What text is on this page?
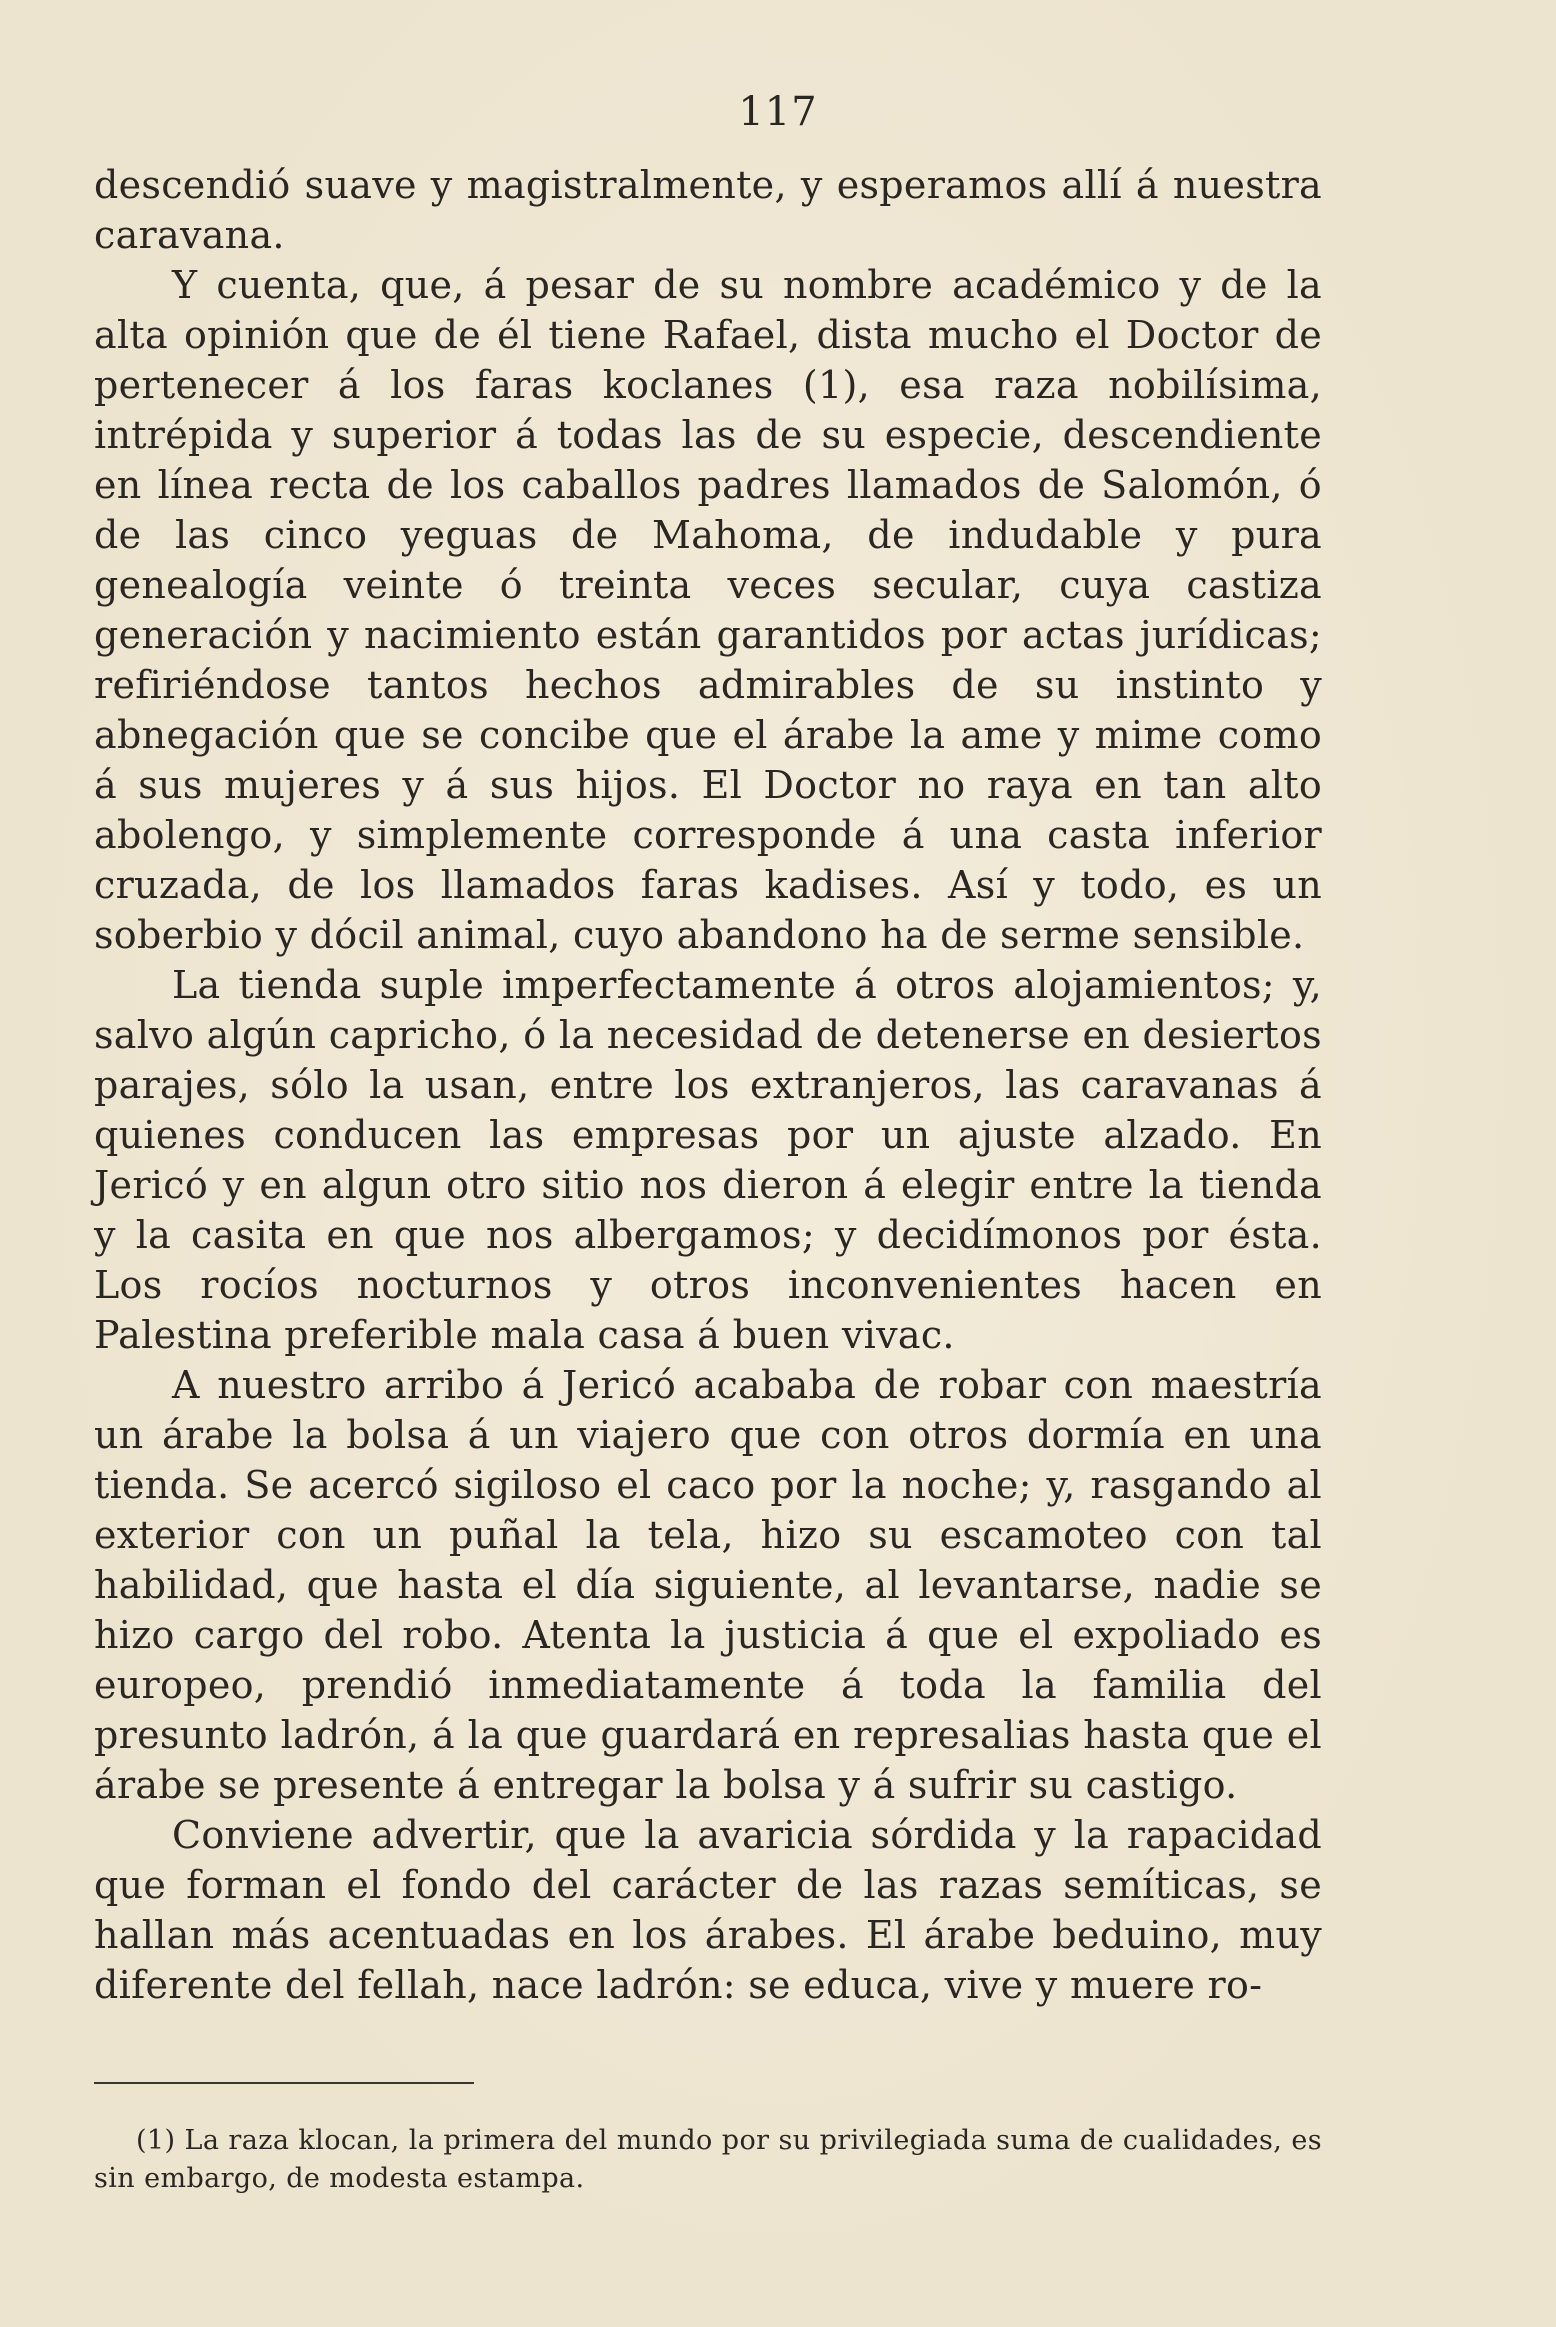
117

descendió suave y magistralmente, y esperamos allí á nuestra caravana.

Y cuenta, que, á pesar de su nombre académico y de la alta opinión que de él tiene Rafael, dista mucho el Doctor de pertenecer á los faras koclanes (1), esa raza nobilísima, intrépida y superior á todas las de su especie, descendiente en línea recta de los caballos padres llamados de Salomón, ó de las cinco yeguas de Mahoma, de indudable y pura genealogía veinte ó treinta veces secular, cuya castiza generación y nacimiento están garantidos por actas jurídicas; refiriéndose tantos hechos admirables de su instinto y abnegación que se concibe que el árabe la ame y mime como á sus mujeres y á sus hijos. El Doctor no raya en tan alto abolengo, y simplemente corresponde á una casta inferior cruzada, de los llamados faras kadises. Así y todo, es un soberbio y dócil animal, cuyo abandono ha de serme sensible.

La tienda suple imperfectamente á otros alojamientos; y, salvo algún capricho, ó la necesidad de detenerse en desiertos parajes, sólo la usan, entre los extranjeros, las caravanas á quienes conducen las empresas por un ajuste alzado. En Jericó y en algun otro sitio nos dieron á elegir entre la tienda y la casita en que nos albergamos; y decidímonos por ésta. Los rocíos nocturnos y otros inconvenientes hacen en Palestina preferible mala casa á buen vivac.

A nuestro arribo á Jericó acababa de robar con maestría un árabe la bolsa á un viajero que con otros dormía en una tienda. Se acercó sigiloso el caco por la noche; y, rasgando al exterior con un puñal la tela, hizo su escamoteo con tal habilidad, que hasta el día siguiente, al levantarse, nadie se hizo cargo del robo. Atenta la justicia á que el expoliado es europeo, prendió inmediatamente á toda la familia del presunto ladrón, á la que guardará en represalias hasta que el árabe se presente á entregar la bolsa y á sufrir su castigo.

Conviene advertir, que la avaricia sórdida y la rapacidad que forman el fondo del carácter de las razas semíticas, se hallan más acentuadas en los árabes. El árabe beduino, muy diferente del fellah, nace ladrón: se educa, vive y muere ro-

(1) La raza klocan, la primera del mundo por su privilegiada suma de cualidades, es sin embargo, de modesta estampa.
